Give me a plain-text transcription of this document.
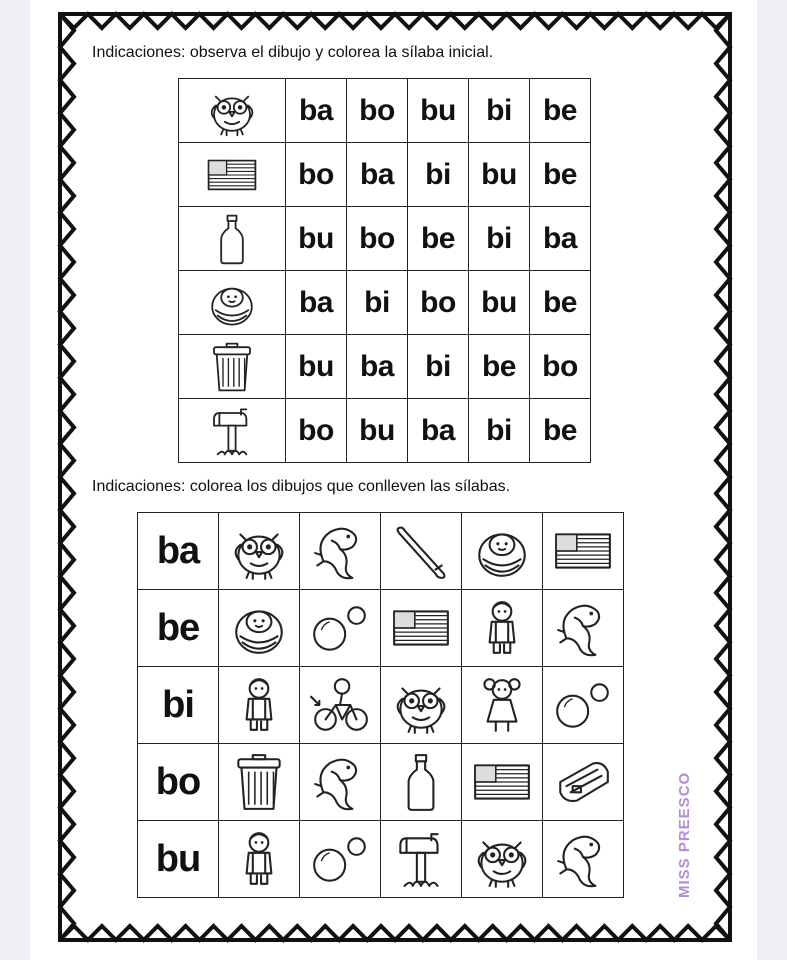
Indicaciones: observa el dibujo y colorea la sílaba inicial.
	ba	bo	bu	bi	be

	bo	ba	bi	bu	be

	bu	bo	be	bi	ba

	ba	bi	bo	bu	be

	bu	ba	bi	be	bo

	bo	bu	ba	bi	be
Indicaciones: colorea los dibujos que conlleven las sílabas.
ba	

be	

bi	

bo	

bu	

		MISS PREESCO
